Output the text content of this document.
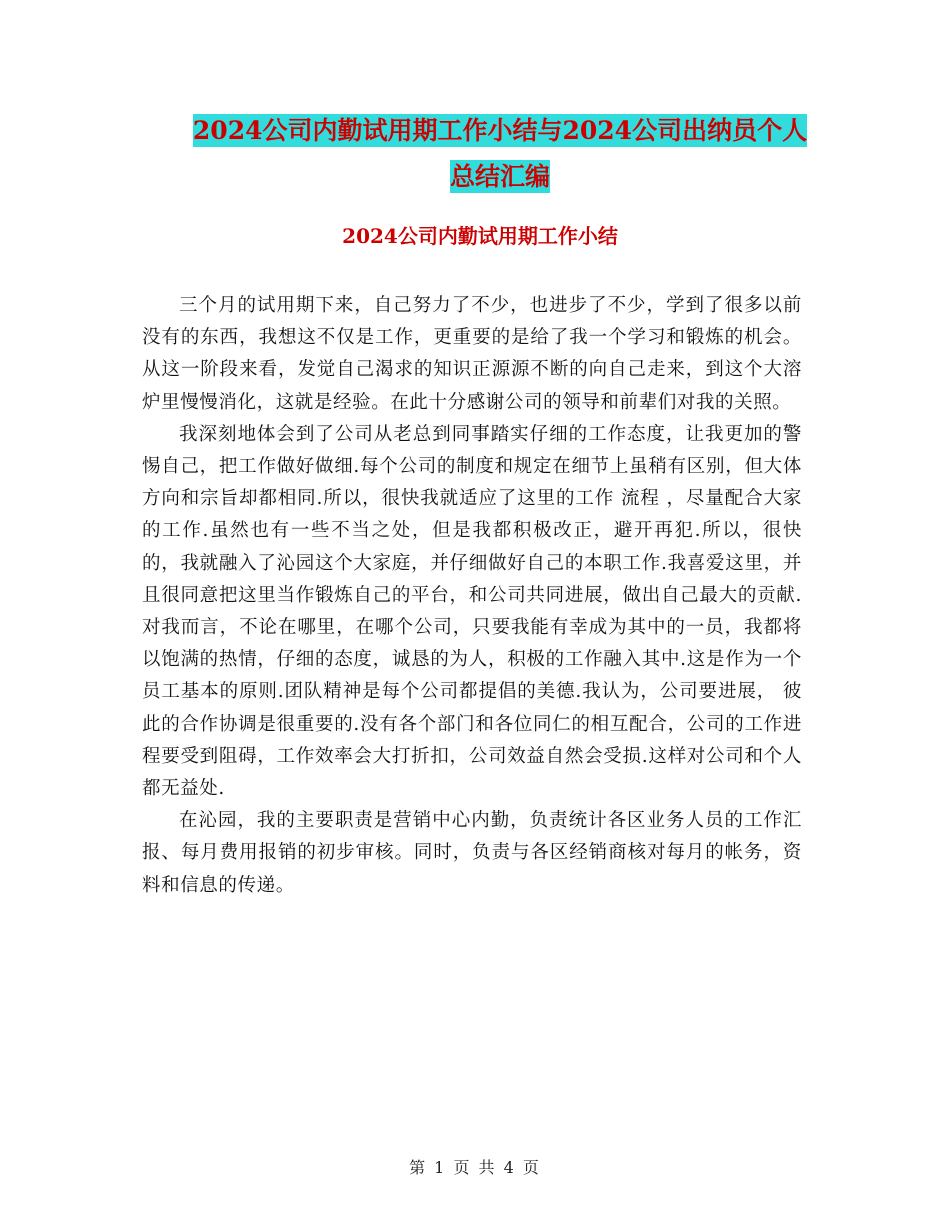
2024公司内勤试用期工作小结与2024公司出纳员个人
总结汇编
2024公司内勤试用期工作小结

三个月的试用期下来，自己努力了不少，也进步了不少，学到了很多以前没有的东西，我想这不仅是工作，更重要的是给了我一个学习和锻炼的机会。从这一阶段来看，发觉自己渴求的知识正源源不断的向自己走来，到这个大溶炉里慢慢消化，这就是经验。在此十分感谢公司的领导和前辈们对我的关照。

我深刻地体会到了公司从老总到同事踏实仔细的工作态度，让我更加的警惕自己，把工作做好做细.每个公司的制度和规定在细节上虽稍有区别，但大体方向和宗旨却都相同.所以，很快我就适应了这里的工作 流程 ，尽量配合大家的工作.虽然也有一些不当之处，但是我都积极改正，避开再犯.所以，很快的，我就融入了沁园这个大家庭，并仔细做好自己的本职工作.我喜爱这里，并且很同意把这里当作锻炼自己的平台，和公司共同进展，做出自己最大的贡献. 对我而言，不论在哪里，在哪个公司，只要我能有幸成为其中的一员，我都将以饱满的热情，仔细的态度，诚恳的为人，积极的工作融入其中.这是作为一个员工基本的原则.团队精神是每个公司都提倡的美德.我认为，公司要进展， 彼此的合作协调是很重要的.没有各个部门和各位同仁的相互配合，公司的工作进程要受到阻碍，工作效率会大打折扣，公司效益自然会受损.这样对公司和个人都无益处.

在沁园，我的主要职责是营销中心内勤，负责统计各区业务人员的工作汇报、每月费用报销的初步审核。同时，负责与各区经销商核对每月的帐务，资料和信息的传递。

第 1 页 共 4 页
